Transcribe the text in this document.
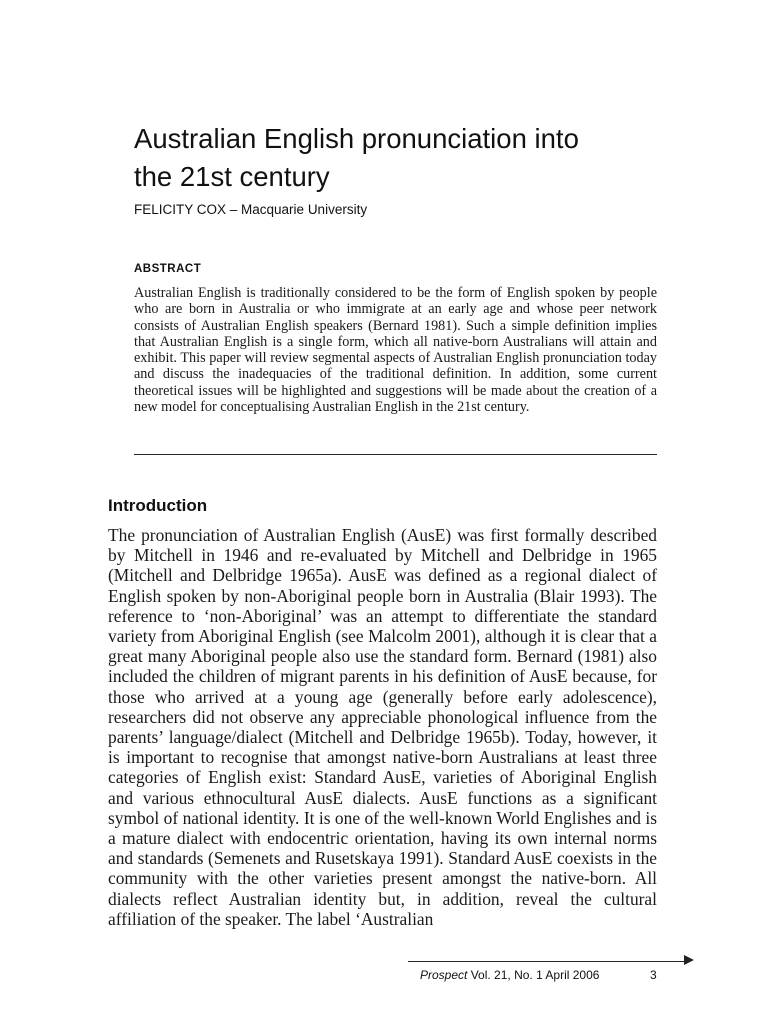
Australian English pronunciation into
the 21st century
FELICITY COX – Macquarie University
ABSTRACT

Australian English is traditionally considered to be the form of English spoken by people who are born in Australia or who immigrate at an early age and whose peer network consists of Australian English speakers (Bernard 1981). Such a simple definition implies that Australian English is a single form, which all native-born Australians will attain and exhibit. This paper will review segmental aspects of Australian English pronunciation today and discuss the inadequacies of the traditional definition. In addition, some current theoretical issues will be highlighted and suggestions will be made about the creation of a new model for conceptualising Australian English in the 21st century.

Introduction

The pronunciation of Australian English (AusE) was first formally described by Mitchell in 1946 and re-evaluated by Mitchell and Delbridge in 1965 (Mitchell and Delbridge 1965a). AusE was defined as a regional dialect of English spoken by non-Aboriginal people born in Australia (Blair 1993). The reference to ‘non-Aboriginal’ was an attempt to differentiate the standard variety from Aboriginal English (see Malcolm 2001), although it is clear that a great many Aboriginal people also use the standard form. Bernard (1981) also included the children of migrant parents in his definition of AusE because, for those who arrived at a young age (generally before early adolescence), researchers did not observe any appreciable phonological influence from the parents’ language/dialect (Mitchell and Delbridge 1965b). Today, however, it is important to recognise that amongst native-born Australians at least three categories of English exist: Standard AusE, varieties of Aboriginal English and various ethnocultural AusE dialects. AusE functions as a significant symbol of national identity. It is one of the well-known World Englishes and is a mature dialect with endocentric orientation, having its own internal norms and standards (Semenets and Rusetskaya 1991). Standard AusE coexists in the community with the other varieties present amongst the native-born. All dialects reflect Australian identity but, in addition, reveal the cultural affiliation of the speaker. The label ‘Australian

Prospect Vol. 21, No. 1 April 2006	3
